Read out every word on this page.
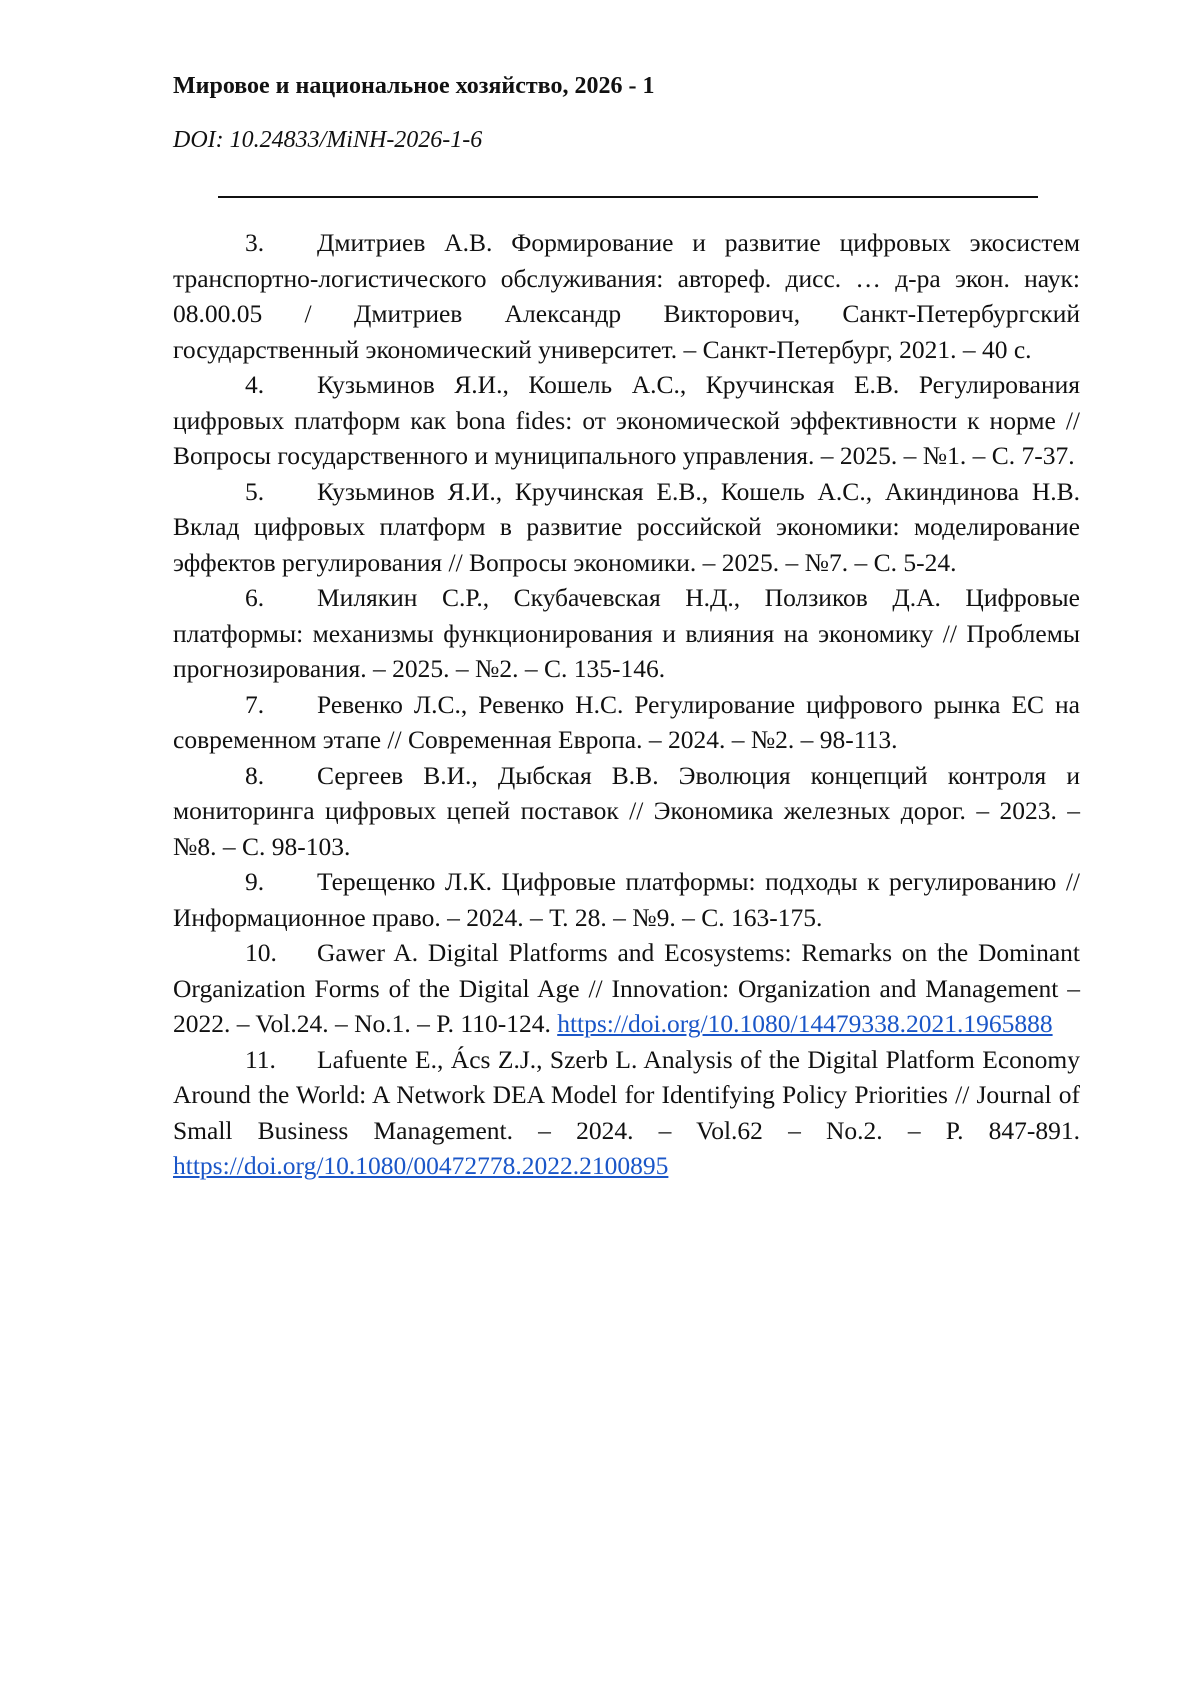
Мировое и национальное хозяйство, 2026 - 1
DOI: 10.24833/MiNH-2026-1-6
3. Дмитриев А.В. Формирование и развитие цифровых экосистем транспортно-логистического обслуживания: автореф. дисс. … д-ра экон. наук: 08.00.05 / Дмитриев Александр Викторович, Санкт-Петербургский государственный экономический университет. – Санкт-Петербург, 2021. – 40 с.
4. Кузьминов Я.И., Кошель А.С., Кручинская Е.В. Регулирования цифровых платформ как bona fides: от экономической эффективности к норме // Вопросы государственного и муниципального управления. – 2025. – №1. – С. 7-37.
5. Кузьминов Я.И., Кручинская Е.В., Кошель А.С., Акиндинова Н.В. Вклад цифровых платформ в развитие российской экономики: моделирование эффектов регулирования // Вопросы экономики. – 2025. – №7. – С. 5-24.
6. Милякин С.Р., Скубачевская Н.Д., Ползиков Д.А. Цифровые платформы: механизмы функционирования и влияния на экономику // Проблемы прогнозирования. – 2025. – №2. – С. 135-146.
7. Ревенко Л.С., Ревенко Н.С. Регулирование цифрового рынка ЕС на современном этапе // Современная Европа. – 2024. – №2. – 98-113.
8. Сергеев В.И., Дыбская В.В. Эволюция концепций контроля и мониторинга цифровых цепей поставок // Экономика железных дорог. – 2023. – №8. – С. 98-103.
9. Терещенко Л.К. Цифровые платформы: подходы к регулированию // Информационное право. – 2024. – Т. 28. – №9. – С. 163-175.
10. Gawer A. Digital Platforms and Ecosystems: Remarks on the Dominant Organization Forms of the Digital Age // Innovation: Organization and Management – 2022. – Vol.24. – No.1. – P. 110-124. https://doi.org/10.1080/14479338.2021.1965888
11. Lafuente E., Ács Z.J., Szerb L. Analysis of the Digital Platform Economy Around the World: A Network DEA Model for Identifying Policy Priorities // Journal of Small Business Management. – 2024. – Vol.62 – No.2. – P. 847-891. https://doi.org/10.1080/00472778.2022.2100895
